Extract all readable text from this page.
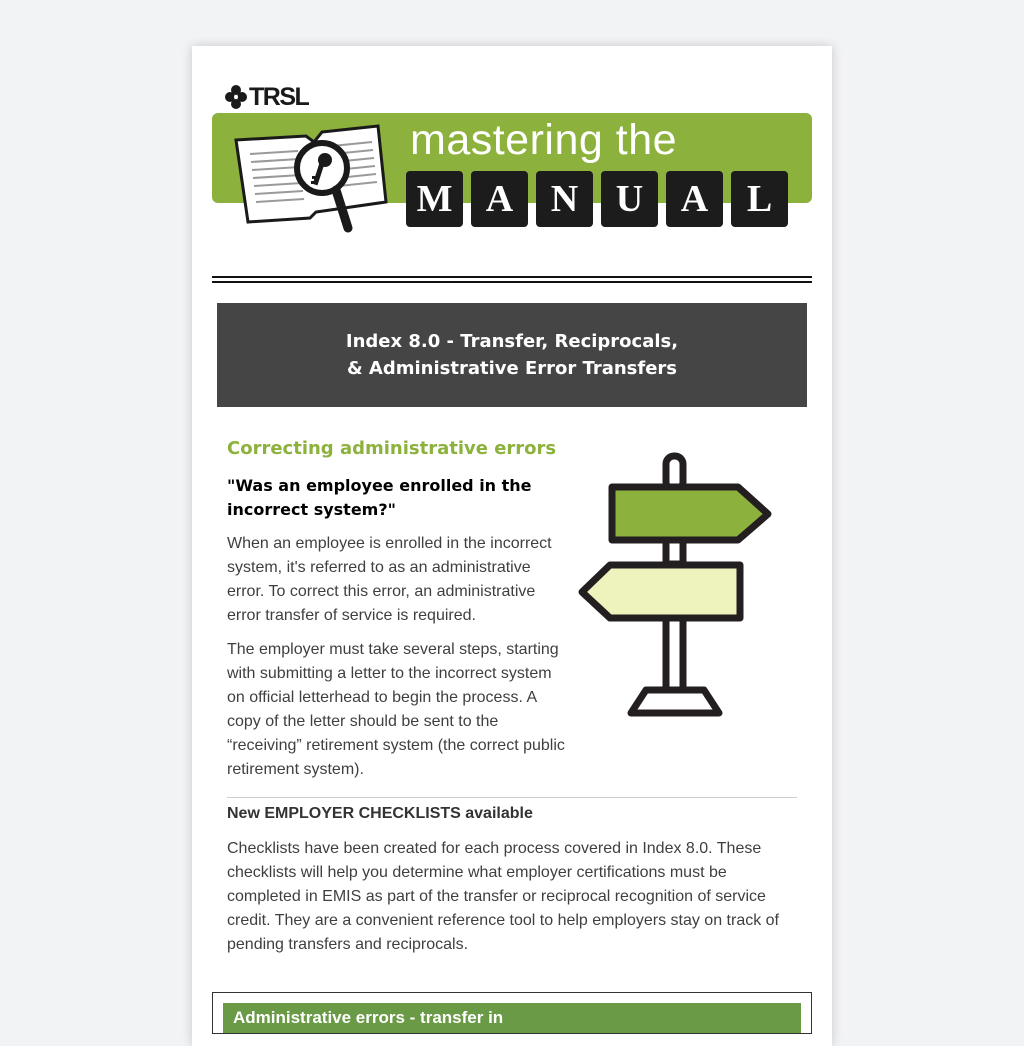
TRSL
mastering the
M A N U A	L
Index 8.0 - Transfer, Reciprocals,
& Administrative Error Transfers
Correcting administrative errors
"Was an employee enrolled in the incorrect system?"

When an employee is enrolled in the incorrect system, it's referred to as an administrative error. To correct this error, an administrative error transfer of service is required.

The employer must take several steps, starting with submitting a letter to the incorrect system on official letterhead to begin the process. A copy of the letter should be sent to the “receiving” retirement system (the correct public retirement system).

New EMPLOYER CHECKLISTS available

Checklists have been created for each process covered in Index 8.0. These checklists will help you determine what employer certifications must be completed in EMIS as part of the transfer or reciprocal recognition of service credit. They are a convenient reference tool to help employers stay on track of pending transfers and reciprocals.

Administrative errors - transfer in
